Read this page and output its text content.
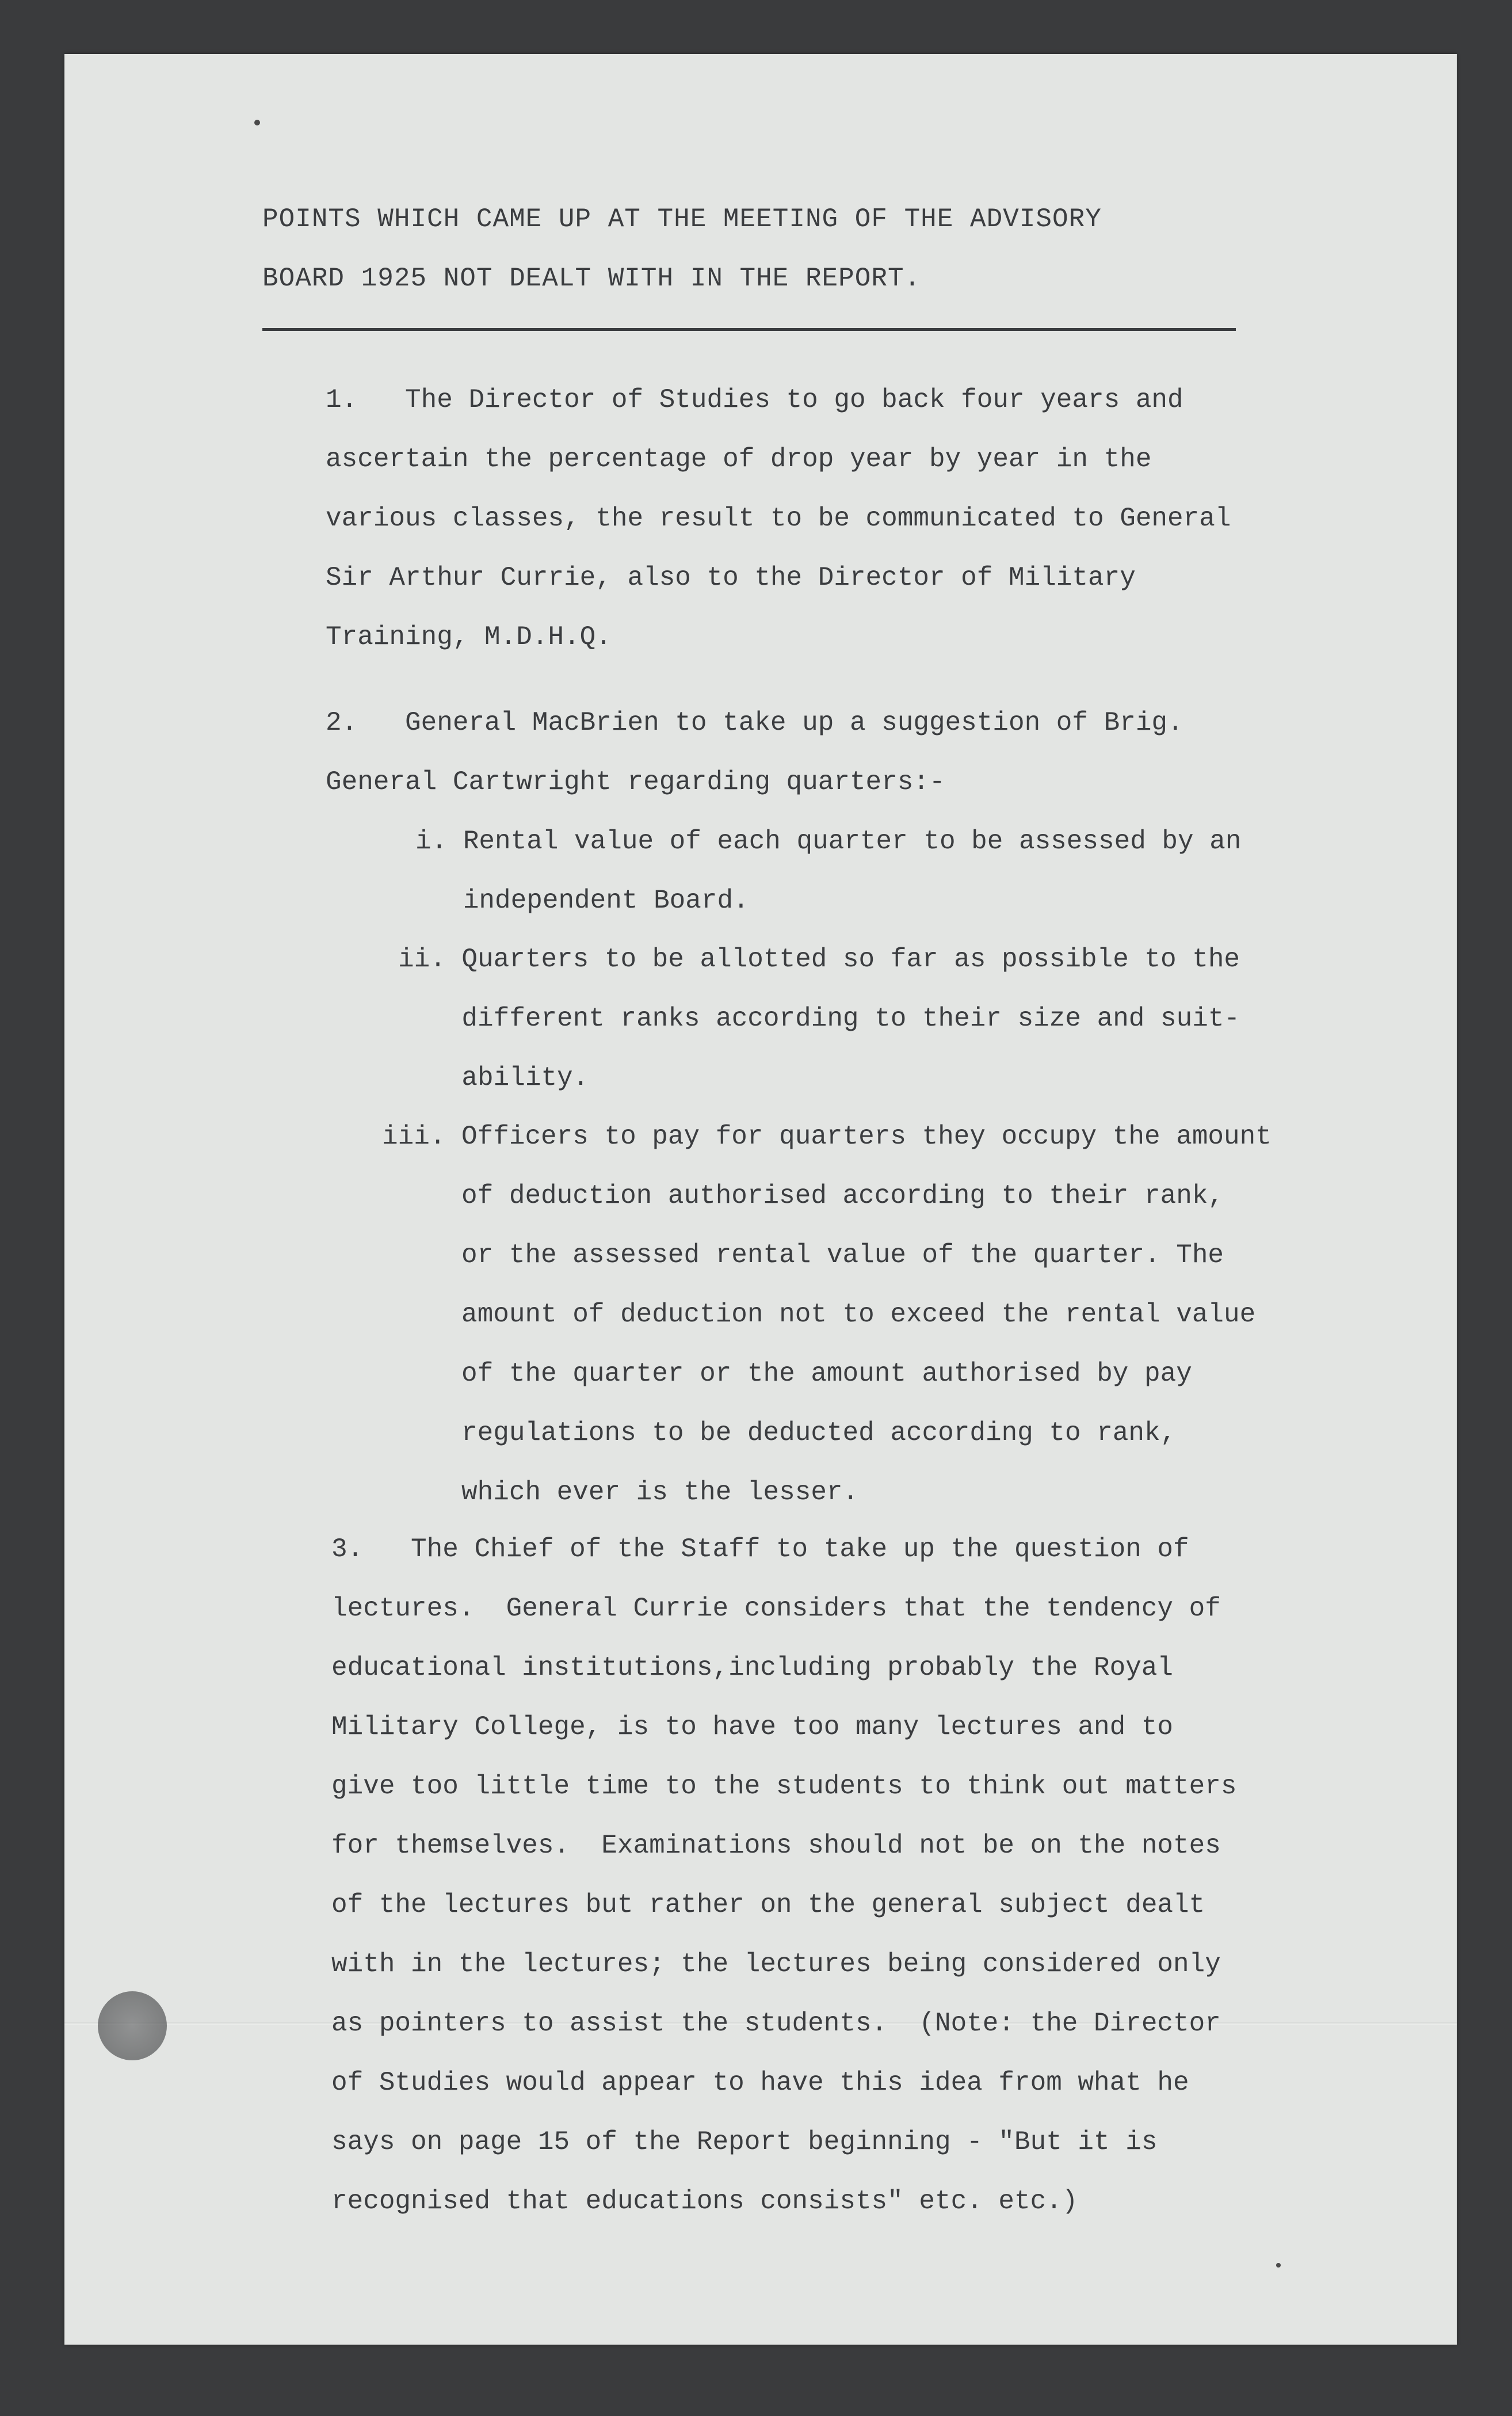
POINTS WHICH CAME UP AT THE MEETING OF THE ADVISORY
BOARD 1925 NOT DEALT WITH IN THE REPORT.
1.   The Director of Studies to go back four years and
ascertain the percentage of drop year by year in the
various classes, the result to be communicated to General
Sir Arthur Currie, also to the Director of Military
Training, M.D.H.Q.
2.   General MacBrien to take up a suggestion of Brig.
General Cartwright regarding quarters:-
i. Rental value of each quarter to be assessed by an
independent Board.
ii. Quarters to be allotted so far as possible to the
different ranks according to their size and suit-
ability.
iii. Officers to pay for quarters they occupy the amount
of deduction authorised according to their rank,
or the assessed rental value of the quarter. The
amount of deduction not to exceed the rental value
of the quarter or the amount authorised by pay
regulations to be deducted according to rank,
which ever is the lesser.
3.   The Chief of the Staff to take up the question of
lectures.  General Currie considers that the tendency of
educational institutions,including probably the Royal
Military College, is to have too many lectures and to
give too little time to the students to think out matters
for themselves.  Examinations should not be on the notes
of the lectures but rather on the general subject dealt
with in the lectures; the lectures being considered only
as pointers to assist the students.  (Note: the Director
of Studies would appear to have this idea from what he
says on page 15 of the Report beginning - "But it is
recognised that educations consists" etc. etc.)
